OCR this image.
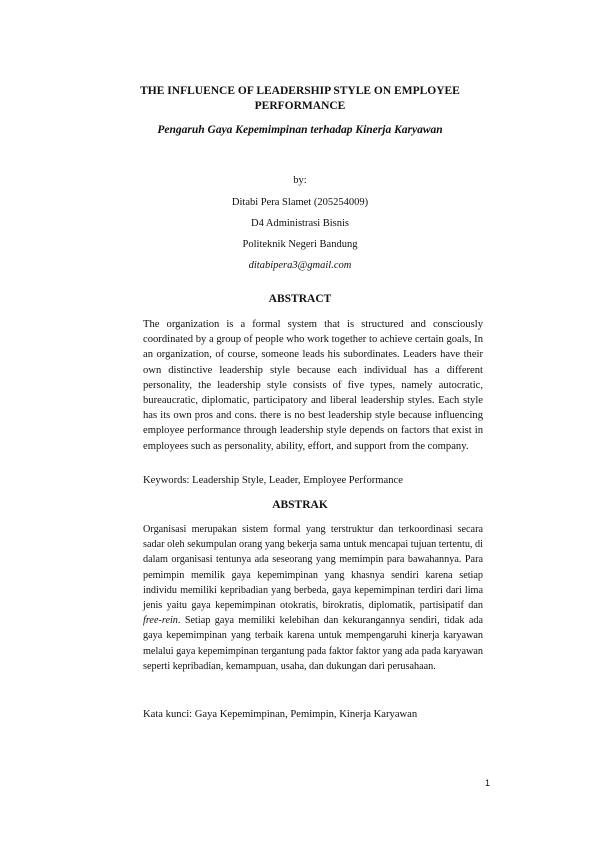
THE INFLUENCE OF LEADERSHIP STYLE ON EMPLOYEE PERFORMANCE
Pengaruh Gaya Kepemimpinan terhadap Kinerja Karyawan
by:
Ditabi Pera Slamet (205254009)
D4 Administrasi Bisnis
Politeknik Negeri Bandung
ditabipera3@gmail.com
ABSTRACT

The organization is a formal system that is structured and consciously coordinated by a group of people who work together to achieve certain goals, In an organization, of course, someone leads his subordinates. Leaders have their own distinctive leadership style because each individual has a different personality, the leadership style consists of five types, namely autocratic, bureaucratic, diplomatic, participatory and liberal leadership styles. Each style has its own pros and cons. there is no best leadership style because influencing employee performance through leadership style depends on factors that exist in employees such as personality, ability, effort, and support from the company.

Keywords: Leadership Style, Leader, Employee Performance

ABSTRAK

Organisasi merupakan sistem formal yang terstruktur dan terkoordinasi secara sadar oleh sekumpulan orang yang bekerja sama untuk mencapai tujuan tertentu, di dalam organisasi tentunya ada seseorang yang memimpin para bawahannya. Para pemimpin memilik gaya kepemimpinan yang khasnya sendiri karena setiap individu memiliki kepribadian yang berbeda, gaya kepemimpinan terdiri dari lima jenis yaitu gaya kepemimpinan otokratis, birokratis, diplomatik, partisipatif dan free-rein. Setiap gaya memiliki kelebihan dan kekurangannya sendiri, tidak ada gaya kepemimpinan yang terbaik karena untuk mempengaruhi kinerja karyawan melalui gaya kepemimpinan tergantung pada faktor faktor yang ada pada karyawan seperti kepribadian, kemampuan, usaha, dan dukungan dari perusahaan.

Kata kunci: Gaya Kepemimpinan, Pemimpin, Kinerja Karyawan

1
